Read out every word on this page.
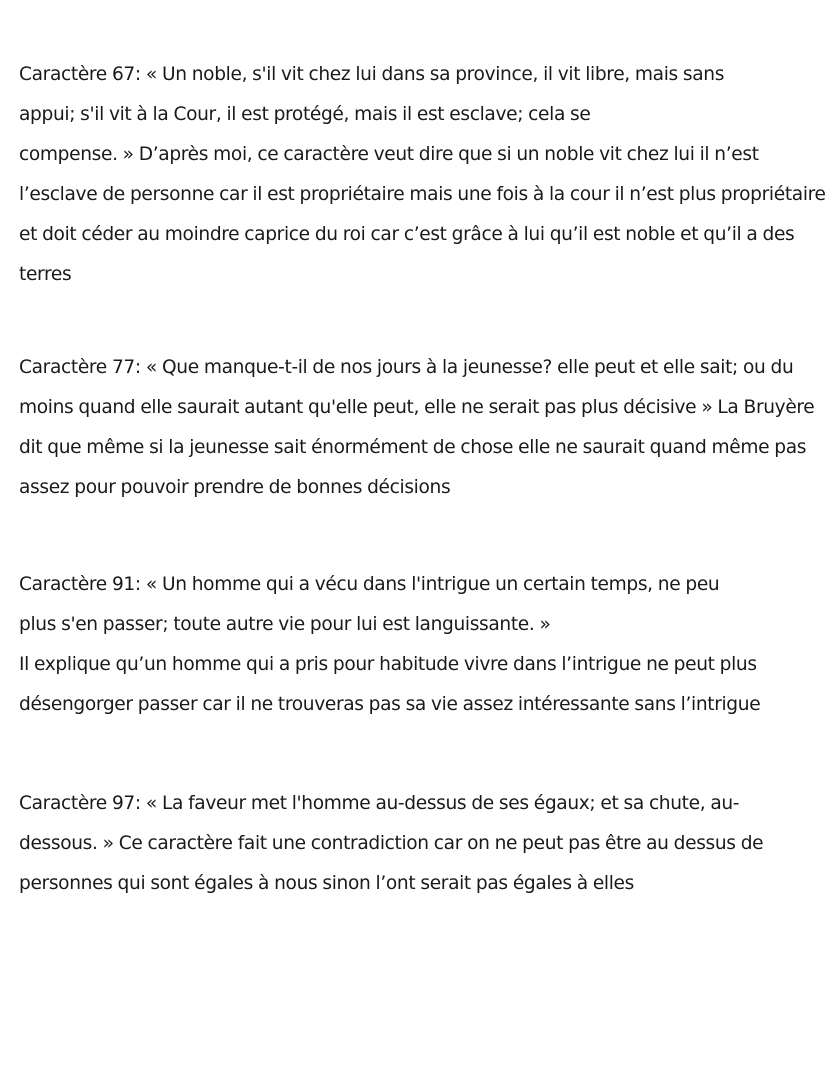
Caractère 67: « Un noble, s'il vit chez lui dans sa province, il vit libre, mais sans
appui; s'il vit à la Cour, il est protégé, mais il est esclave; cela se
compense. » D’après moi, ce caractère veut dire que si un noble vit chez lui il n’est
l’esclave de personne car il est propriétaire mais une fois à la cour il n’est plus propriétaire
et doit céder au moindre caprice du roi car c’est grâce à lui qu’il est noble et qu’il a des
terres
Caractère 77: « Que manque-t-il de nos jours à la jeunesse? elle peut et elle sait; ou du
moins quand elle saurait autant qu'elle peut, elle ne serait pas plus décisive » La Bruyère
dit que même si la jeunesse sait énormément de chose elle ne saurait quand même pas
assez pour pouvoir prendre de bonnes décisions
Caractère 91: « Un homme qui a vécu dans l'intrigue un certain temps, ne peu
plus s'en passer; toute autre vie pour lui est languissante. »
Il explique qu’un homme qui a pris pour habitude vivre dans l’intrigue ne peut plus
désengorger passer car il ne trouveras pas sa vie assez intéressante sans l’intrigue
Caractère 97: « La faveur met l'homme au-dessus de ses égaux; et sa chute, au-
dessous. » Ce caractère fait une contradiction car on ne peut pas être au dessus de
personnes qui sont égales à nous sinon l’ont serait pas égales à elles
